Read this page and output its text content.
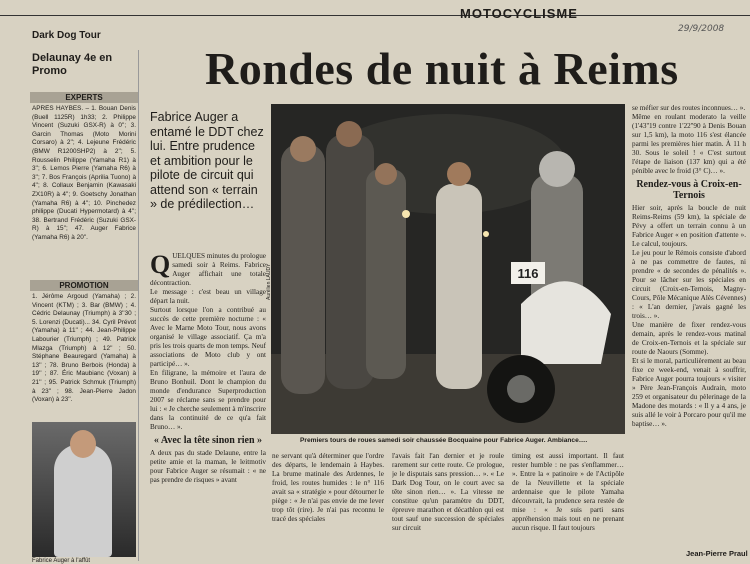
MOTOCYCLISME
29/9/2008
Dark Dog Tour
Rondes de nuit à Reims
Delaunay 4e en Promo
EXPERTS
APRÈS HAYBES. – 1. Bouan Denis (Buell 1125R) 1h33; 2. Philippe Vincent (Suzuki GSX-R) à 0''; 3. Garcin Thomas (Moto Morini Corsaro) à 2''; 4. Lejeune Frédéric (BMW R1200SHP2) à 2''; 5. Rousselin Philippe (Yamaha R1) à 3''; 6. Lemos Pierre (Yamaha R6) à 3''; 7. Bos François (Aprilia Tuono) à 4''; 8. Collaux Benjamin (Kawasaki ZX10R) à 4''; 9. Goetschy Jonathan (Yamaha R6) à 4''; 10. Pinchedez philippe (Ducati Hypermotard) à 4''; 38. Bertrand Frédéric (Suzuki GSX-R) à 15''; 47. Auger Fabrice (Yamaha R6) à 20''.
PROMOTION
1. Jérôme Argoud (Yamaha) ; 2. Vincent (KTM) ; 3. Bar (BMW) ; 4. Cédric Delaunay (Triumph) à 3''30 ; 5. Lorenzi (Ducati)... 34. Cyril Prévot (Yamaha) à 11'' ; 44. Jean-Philippe Labourier (Triumph) ; 49. Patrick Mlazga (Triumph) à 12'' ; 50. Stéphane Beauregard (Yamaha) à 13'' ; 78. Bruno Berbois (Honda) à 19'' ; 87. Éric Maubianc (Voxan) à 21'' ; 95. Patrick Schmuk (Triumph) à 23'' ; 98. Jean-Pierre Jadon (Voxan) à 23''.
Fabrice Auger à l'affût
Fabrice Auger a entamé le DDT chez lui. Entre prudence et ambition pour le pilote de circuit qui attend son « terrain » de prédilection…
116
Aurélien LAUDY
Premiers tours de roues samedi soir chaussée Bocquaine pour Fabrice Auger. Ambiance….

QUELQUES minutes du prologue samedi soir à Reims. Fabrice Auger affichait une totale décontraction.

Le message : c'est beau un village départ la nuit.

Surtout lorsque l'on a contribué au succès de cette première nocturne : « Avec le Marne Moto Tour, nous avons organisé le village associatif. Ça m'a pris les trois quarts de mon temps. Neuf associations de Moto club y ont participé… ».

En filigrane, la mémoire et l'aura de Bruno Bonhuil. Dont le champion du monde d'endurance Superproduction 2007 se réclame sans se prendre pour lui : « Je cherche seulement à m'inscrire dans la continuité de ce qu'a fait Bruno… ».

« Avec la tête sinon rien »

A deux pas du stade Delaune, entre la petite amie et la maman, le leitmotiv pour Fabrice Auger se résumait : « ne pas prendre de risques » avant

ne servant qu'à déterminer que l'ordre des départs, le lendemain à Haybes. La brume matinale des Ardennes, le froid, les routes humides : le n° 116 avait sa « stratégie » pour détourner le piège : « Je n'ai pas envie de me lever trop tôt (rire). Je n'ai pas reconnu le tracé des spéciales
l'avais fait l'an dernier et je roule rarement sur cette route. Ce prologue, je le disputais sans pression… ». « Le Dark Dog Tour, on le court avec sa tête sinon rien… ». La vitesse ne constitue qu'un paramètre du DDT, épreuve marathon et décathlon qui est tout sauf une succession de spéciales sur circuit
timing est aussi important. Il faut rester humble : ne pas s'enflammer… ». Entre la « patinoire » de l'Actipôle de la Neuvillette et la spéciale ardennaise que le pilote Yamaha découvrait, la prudence sera restée de mise : « Je suis parti sans appréhension mais tout en ne prenant aucun risque. Il faut toujours

se méfier sur des routes inconnues… ».

Même en roulant moderato la veille (1'43''19 contre 1'22''90 à Denis Bouan sur 1,5 km), la moto 116 s'est élancée parmi les premières hier matin. À 11 h 30. Sous le soleil ! « C'est surtout l'étape de liaison (137 km) qui a été pénible avec le froid (3° C)… ».

Rendez-vous à Croix-en-Ternois

Hier soir, après la boucle de nuit Reims-Reims (59 km), la spéciale de Pévy a offert un terrain connu à un Fabrice Auger « en position d'attente ». Le calcul, toujours.

Le jeu pour le Rémois consiste d'abord à ne pas commettre de fautes, ni prendre « de secondes de pénalités ». Pour se lâcher sur les spéciales en circuit (Croix-en-Ternois, Magny-Cours, Pôle Mécanique Alès Cévennes) : « L'an dernier, j'avais gagné les trois… ».

Une manière de fixer rendez-vous demain, après le rendez-vous matinal de Croix-en-Ternois et la spéciale sur route de Naours (Somme).

Et si le moral, particulièrement au beau fixe ce week-end, venait à souffrir, Fabrice Auger pourra toujours « visiter » Père Jean-François Audrain, moto 259 et organisateur du pèlerinage de la Madone des motards : « Il y a 4 ans, je suis allé le voir à Porcaro pour qu'il me baptise… ».

Jean-Pierre Praul
